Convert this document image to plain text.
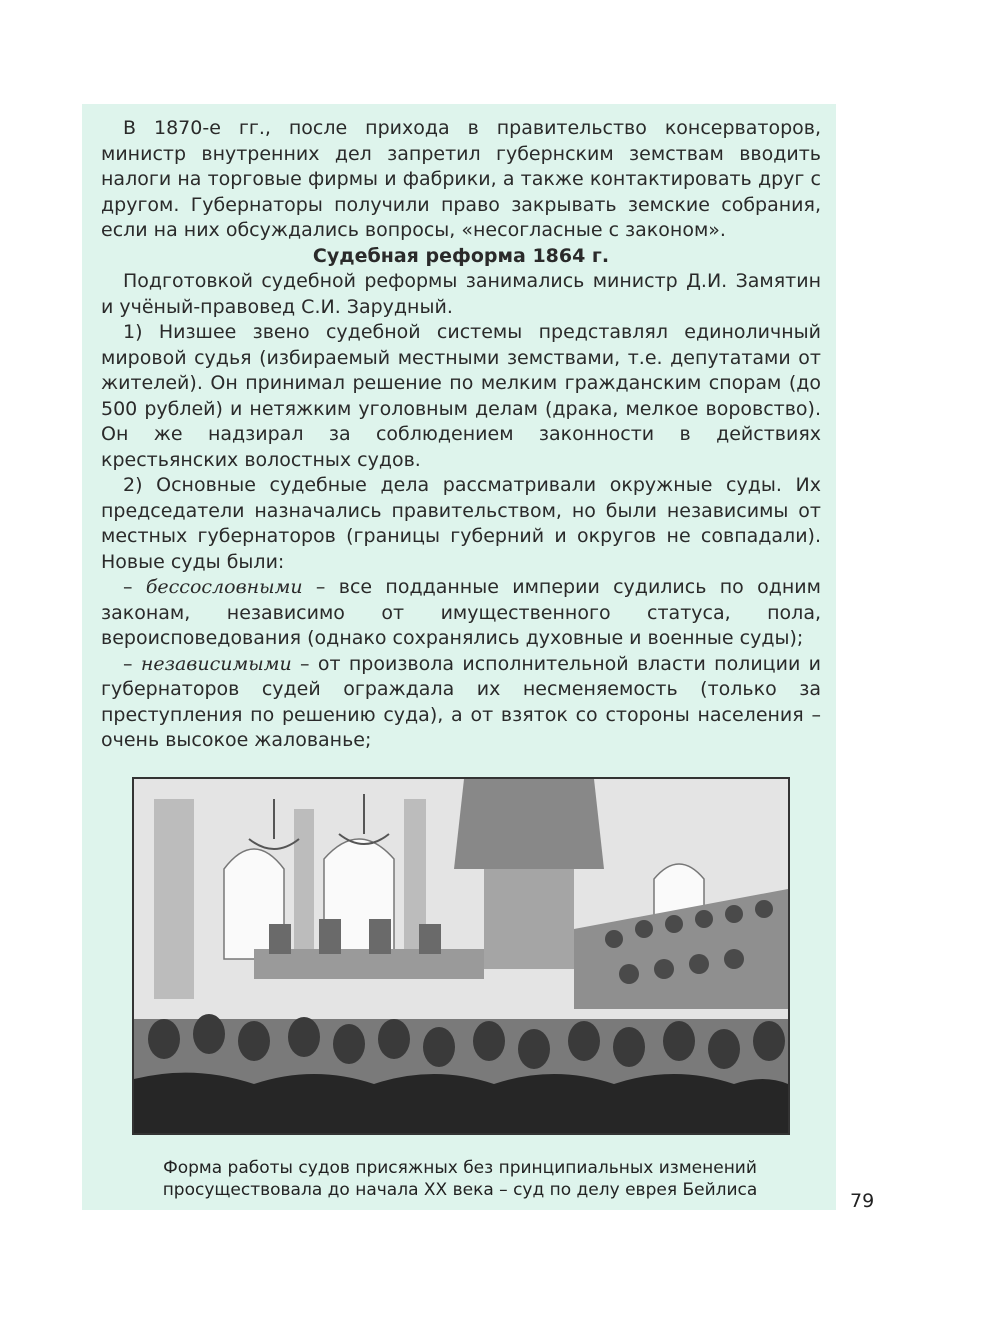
В 1870-е гг., после прихода в правительство консерваторов, министр внутренних дел запретил губернским земствам вводить налоги на торговые фирмы и фабрики, а также контактировать друг с другом. Губернаторы получили право закрывать земские собрания, если на них обсуждались вопросы, «несогласные с законом».

Судебная реформа 1864 г.

Подготовкой судебной реформы занимались министр Д.И. Замятин и учёный-правовед С.И. Зарудный.

1) Низшее звено судебной системы представлял единоличный мировой судья (избираемый местными земствами, т.е. депутатами от жителей). Он принимал решение по мелким гражданским спорам (до 500 рублей) и нетяжким уголовным делам (драка, мелкое воровство). Он же надзирал за соблюдением законности в действиях крестьянских волостных судов.

2) Основные судебные дела рассматривали окружные суды. Их председатели назначались правительством, но были независимы от местных губернаторов (границы губерний и округов не совпадали). Новые суды были:

– бессословными – все подданные империи судились по одним законам, независимо от имущественного статуса, пола, вероисповедования (однако сохранялись духовные и военные суды);

– независимыми – от произвола исполнительной власти полиции и губернаторов судей ограждала их несменяемость (только за преступления по решению суда), а от взяток со стороны населения – очень высокое жалованье;

Форма работы судов присяжных без принципиальных изменений
просуществовала до начала XX века – суд по делу еврея Бейлиса	79
